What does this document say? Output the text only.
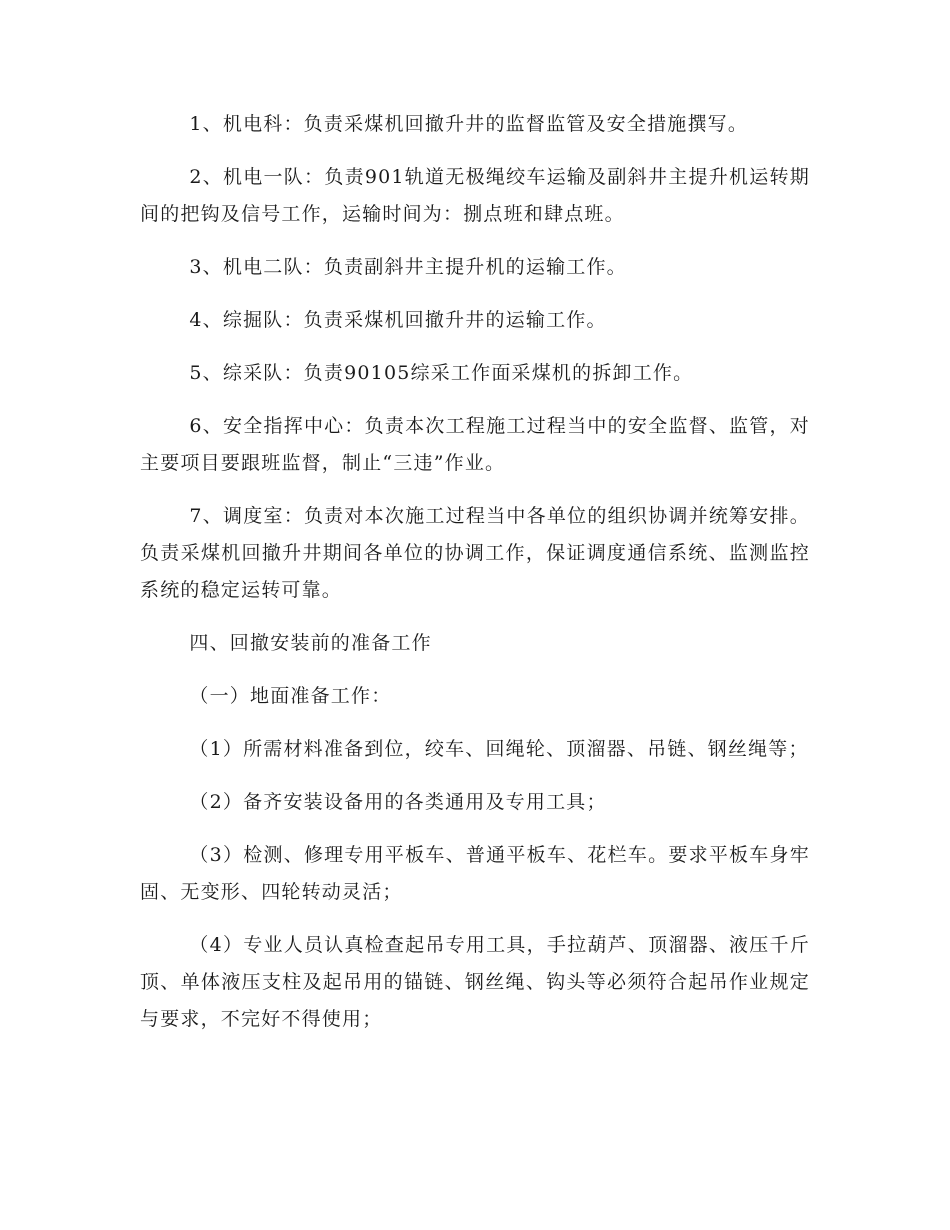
1、机电科：负责采煤机回撤升井的监督监管及安全措施撰写。

2、机电一队：负责901轨道无极绳绞车运输及副斜井主提升机运转期间的把钩及信号工作，运输时间为：捌点班和肆点班。

3、机电二队：负责副斜井主提升机的运输工作。

4、综掘队：负责采煤机回撤升井的运输工作。

5、综采队：负责90105综采工作面采煤机的拆卸工作。

6、安全指挥中心：负责本次工程施工过程当中的安全监督、监管，对主要项目要跟班监督，制止“三违”作业。

7、调度室：负责对本次施工过程当中各单位的组织协调并统筹安排。负责采煤机回撤升井期间各单位的协调工作，保证调度通信系统、监测监控系统的稳定运转可靠。

四、回撤安装前的准备工作

（一）地面准备工作：

（1）所需材料准备到位，绞车、回绳轮、顶溜器、吊链、钢丝绳等；

（2）备齐安装设备用的各类通用及专用工具；

（3）检测、修理专用平板车、普通平板车、花栏车。要求平板车身牢固、无变形、四轮转动灵活；

（4）专业人员认真检查起吊专用工具，手拉葫芦、顶溜器、液压千斤顶、单体液压支柱及起吊用的锚链、钢丝绳、钩头等必须符合起吊作业规定与要求，不完好不得使用；
